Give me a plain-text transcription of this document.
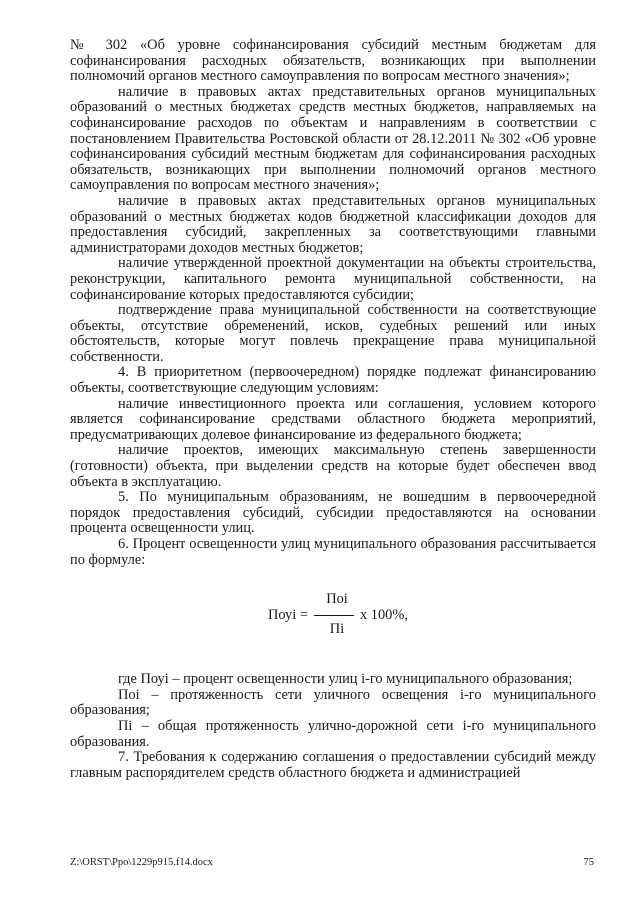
№ 302 «Об уровне софинансирования субсидий местным бюджетам для софинансирования расходных обязательств, возникающих при выполнении полномочий органов местного самоуправления по вопросам местного значения»;

наличие в правовых актах представительных органов муниципальных образований о местных бюджетах средств местных бюджетов, направляемых на софинансирование расходов по объектам и направлениям в соответствии с постановлением Правительства Ростовской области от 28.12.2011 № 302 «Об уровне софинансирования субсидий местным бюджетам для софинансирования расходных обязательств, возникающих при выполнении полномочий органов местного самоуправления по вопросам местного значения»;

наличие в правовых актах представительных органов муниципальных образований о местных бюджетах кодов бюджетной классификации доходов для предоставления субсидий, закрепленных за соответствующими главными администраторами доходов местных бюджетов;

наличие утвержденной проектной документации на объекты строительства, реконструкции, капитального ремонта муниципальной собственности, на софинансирование которых предоставляются субсидии;

подтверждение права муниципальной собственности на соответствующие объекты, отсутствие обременений, исков, судебных решений или иных обстоятельств, которые могут повлечь прекращение права муниципальной собственности.

4. В приоритетном (первоочередном) порядке подлежат финансированию объекты, соответствующие следующим условиям:

наличие инвестиционного проекта или соглашения, условием которого является софинансирование средствами областного бюджета мероприятий, предусматривающих долевое финансирование из федерального бюджета;

наличие проектов, имеющих максимальную степень завершенности (готовности) объекта, при выделении средств на которые будет обеспечен ввод объекта в эксплуатацию.

5. По муниципальным образованиям, не вошедшим в первоочередной порядок предоставления субсидий, субсидии предоставляются на основании процента освещенности улиц.

6. Процент освещенности улиц муниципального образования рассчитывается по формуле:

Поуi =
Поi
Пi
х 100%,

где Поуi – процент освещенности улиц i-го муниципального образования;

Поi – протяженность сети уличного освещения i-го муниципального образования;

Пi – общая протяженность улично-дорожной сети i-го муниципального образования.

7. Требования к содержанию соглашения о предоставлении субсидий между главным распорядителем средств областного бюджета и администрацией

Z:\ORST\Ppo\1229p915.f14.docx	75
